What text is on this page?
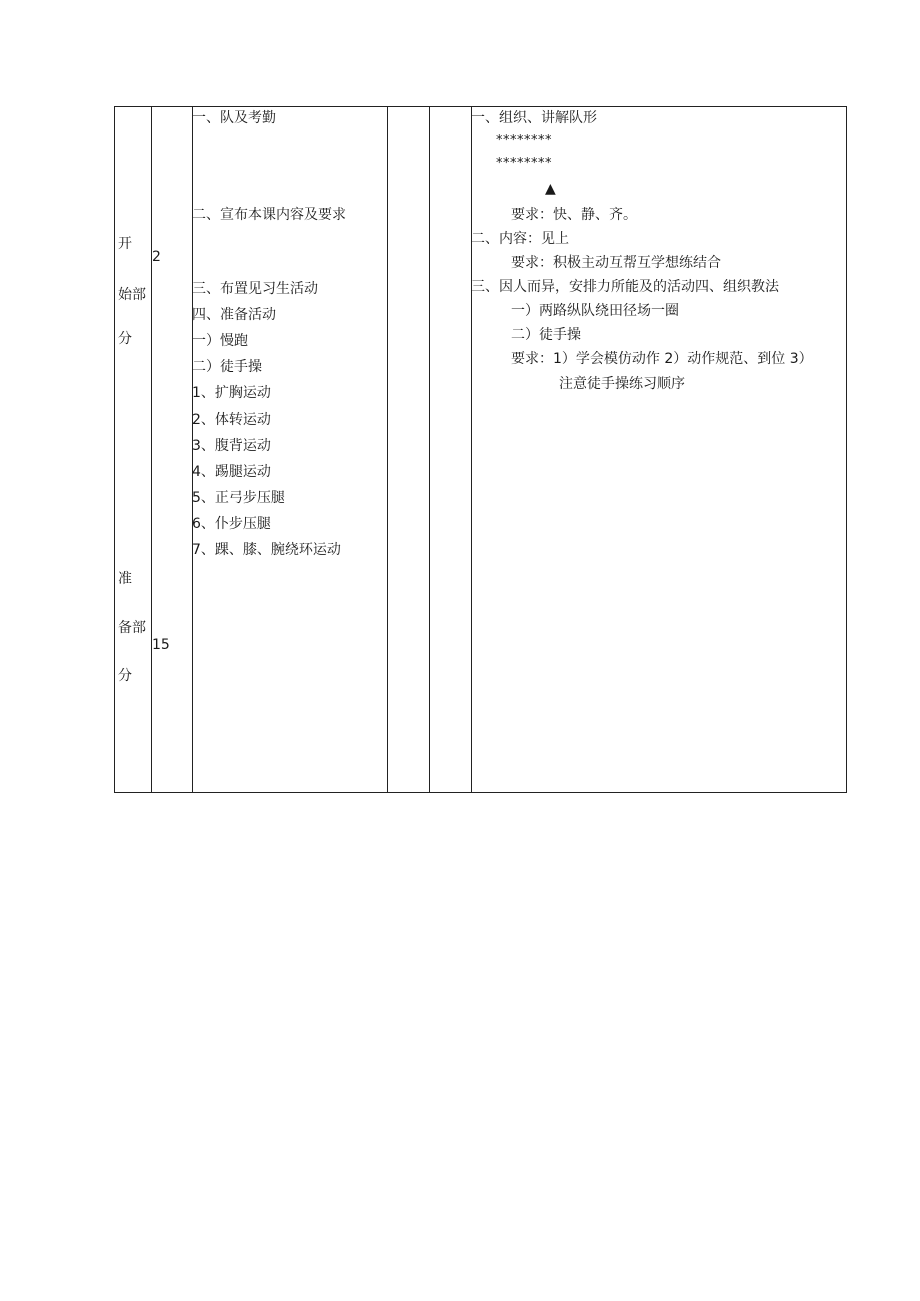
开
始部
分
准
备部
分
2
15
一、队及考勤
二、宣布本课内容及要求
三、布置见习生活动
四、准备活动
一）慢跑
二）徒手操
1、扩胸运动
2、体转运动
3、腹背运动
4、踢腿运动
5、正弓步压腿
6、仆步压腿
7、踝、膝、腕绕环运动
一、组织、讲解队形
********
********
▲
要求：快、静、齐。
二、内容：见上
要求：积极主动互帮互学想练结合
三、因人而异，安排力所能及的活动四、组织教法
一）两路纵队绕田径场一圈
二）徒手操
要求：1）学会模仿动作 2）动作规范、到位 3）
注意徒手操练习顺序
